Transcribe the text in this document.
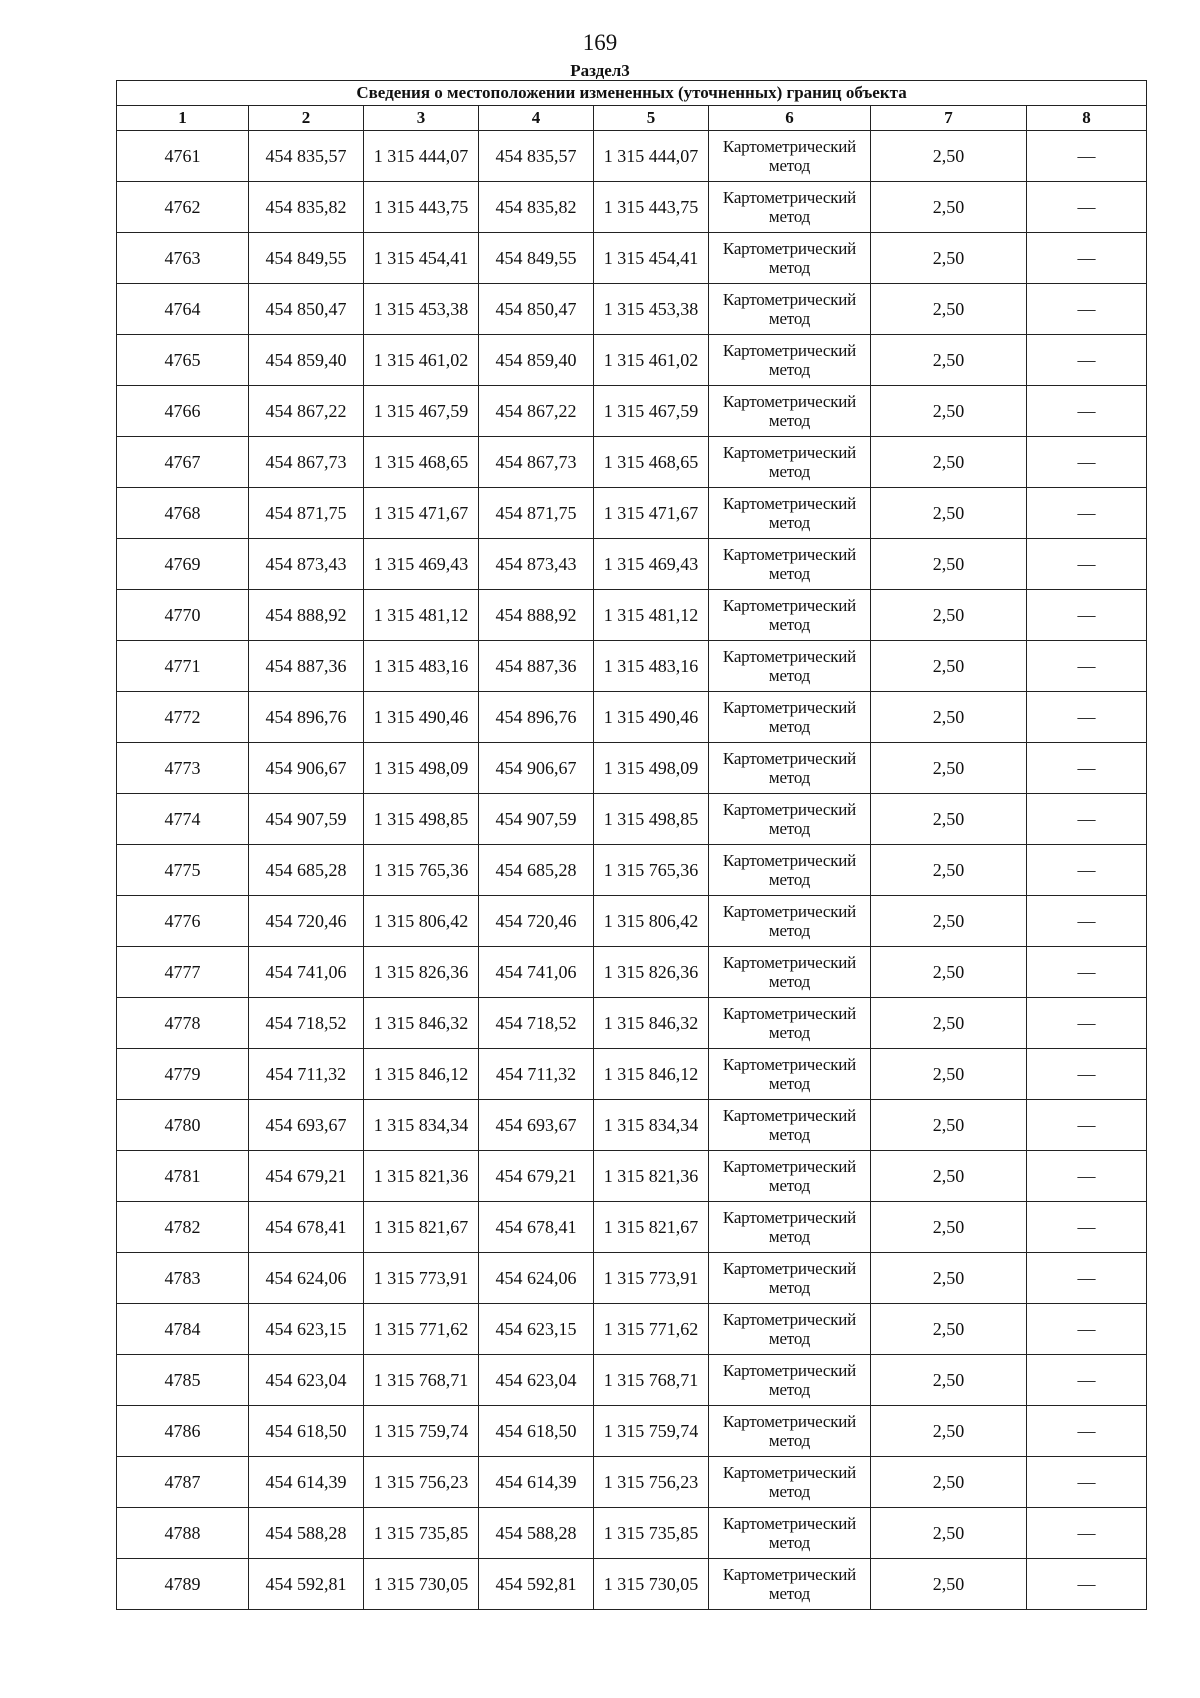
169
Раздел3
Сведения о местоположении измененных (уточненных) границ объекта							
1	2	3	4	5	6	7	8
4761	454 835,57	1 315 444,07	454 835,57	1 315 444,07	Картометрический метод	2,50	—
4762	454 835,82	1 315 443,75	454 835,82	1 315 443,75	Картометрический метод	2,50	—
4763	454 849,55	1 315 454,41	454 849,55	1 315 454,41	Картометрический метод	2,50	—
4764	454 850,47	1 315 453,38	454 850,47	1 315 453,38	Картометрический метод	2,50	—
4765	454 859,40	1 315 461,02	454 859,40	1 315 461,02	Картометрический метод	2,50	—
4766	454 867,22	1 315 467,59	454 867,22	1 315 467,59	Картометрический метод	2,50	—
4767	454 867,73	1 315 468,65	454 867,73	1 315 468,65	Картометрический метод	2,50	—
4768	454 871,75	1 315 471,67	454 871,75	1 315 471,67	Картометрический метод	2,50	—
4769	454 873,43	1 315 469,43	454 873,43	1 315 469,43	Картометрический метод	2,50	—
4770	454 888,92	1 315 481,12	454 888,92	1 315 481,12	Картометрический метод	2,50	—
4771	454 887,36	1 315 483,16	454 887,36	1 315 483,16	Картометрический метод	2,50	—
4772	454 896,76	1 315 490,46	454 896,76	1 315 490,46	Картометрический метод	2,50	—
4773	454 906,67	1 315 498,09	454 906,67	1 315 498,09	Картометрический метод	2,50	—
4774	454 907,59	1 315 498,85	454 907,59	1 315 498,85	Картометрический метод	2,50	—
4775	454 685,28	1 315 765,36	454 685,28	1 315 765,36	Картометрический метод	2,50	—
4776	454 720,46	1 315 806,42	454 720,46	1 315 806,42	Картометрический метод	2,50	—
4777	454 741,06	1 315 826,36	454 741,06	1 315 826,36	Картометрический метод	2,50	—
4778	454 718,52	1 315 846,32	454 718,52	1 315 846,32	Картометрический метод	2,50	—
4779	454 711,32	1 315 846,12	454 711,32	1 315 846,12	Картометрический метод	2,50	—
4780	454 693,67	1 315 834,34	454 693,67	1 315 834,34	Картометрический метод	2,50	—
4781	454 679,21	1 315 821,36	454 679,21	1 315 821,36	Картометрический метод	2,50	—
4782	454 678,41	1 315 821,67	454 678,41	1 315 821,67	Картометрический метод	2,50	—
4783	454 624,06	1 315 773,91	454 624,06	1 315 773,91	Картометрический метод	2,50	—
4784	454 623,15	1 315 771,62	454 623,15	1 315 771,62	Картометрический метод	2,50	—
4785	454 623,04	1 315 768,71	454 623,04	1 315 768,71	Картометрический метод	2,50	—
4786	454 618,50	1 315 759,74	454 618,50	1 315 759,74	Картометрический метод	2,50	—
4787	454 614,39	1 315 756,23	454 614,39	1 315 756,23	Картометрический метод	2,50	—
4788	454 588,28	1 315 735,85	454 588,28	1 315 735,85	Картометрический метод	2,50	—
4789	454 592,81	1 315 730,05	454 592,81	1 315 730,05	Картометрический метод	2,50	—
